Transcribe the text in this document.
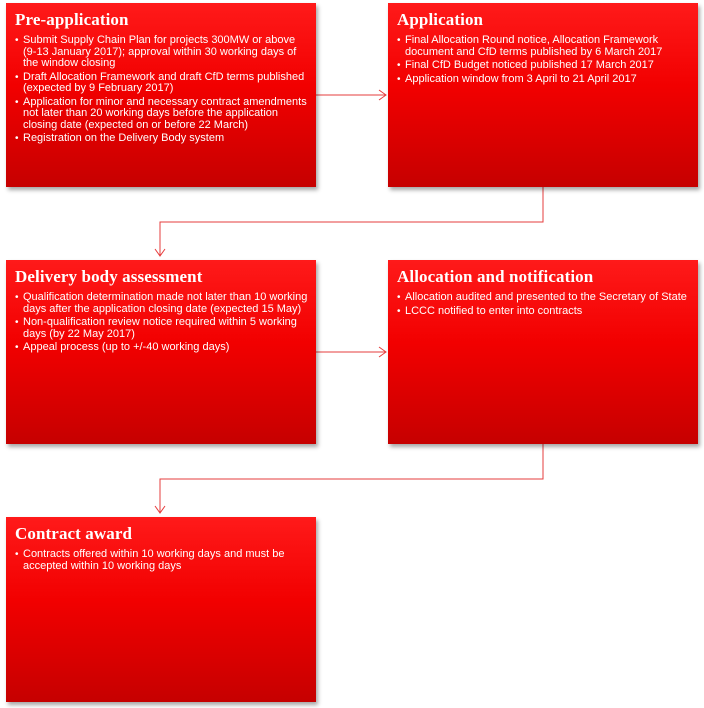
Pre-application
• Submit Supply Chain Plan for projects 300MW or above (9-13 January 2017); approval within 30 working days of the window closing
• Draft Allocation Framework and draft CfD terms published (expected by 9 February 2017)
• Application for minor and necessary contract amendments not later than 20 working days before the application closing date (expected on or before 22 March)
• Registration on the Delivery Body system
Application
• Final Allocation Round notice, Allocation Framework document and CfD terms published by 6 March 2017
• Final CfD Budget noticed published 17 March 2017
• Application window from 3 April to 21 April 2017
Delivery body assessment
• Qualification determination made not later than 10 working days after the application closing date (expected 15 May)
• Non-qualification review notice required within 5 working days (by 22 May 2017)
• Appeal process (up to +/-40 working days)
Allocation and notification
• Allocation audited and presented to the Secretary of State
• LCCC notified to enter into contracts
Contract award
• Contracts offered within 10 working days and must be accepted within 10 working days
